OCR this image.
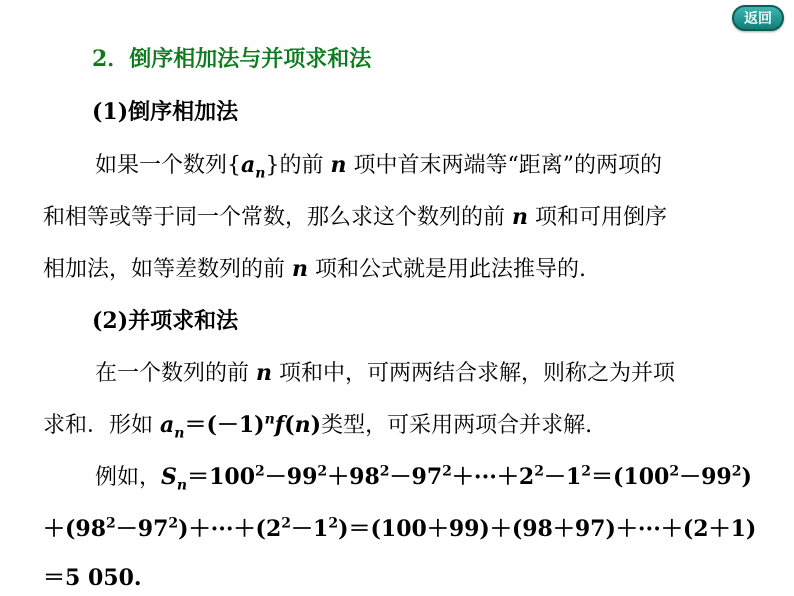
返回
2．倒序相加法与并项求和法
(1)倒序相加法
如果一个数列$\{a_n\}$的前 n 项中首末两端等“距离”的两项的
和相等或等于同一个常数，那么求这个数列的前 n 项和可用倒序
相加法，如等差数列的前 n 项和公式就是用此法推导的.
(2)并项求和法
在一个数列的前 n 项和中，可两两结合求解，则称之为并项
求和．形如 $a_n=(-1)^nf(n)$类型，可采用两项合并求解.
例如，$S_n=100^2-99^2+98^2-97^2+\cdot\cdot\cdot+2^2-1^2=(100^2-99^2)$
$+(98^2-97^2)+\cdot\cdot\cdot+(2^2-1^2)=(100+99)+(98+97)+\cdot\cdot\cdot+(2+1)$
＝5 050.
